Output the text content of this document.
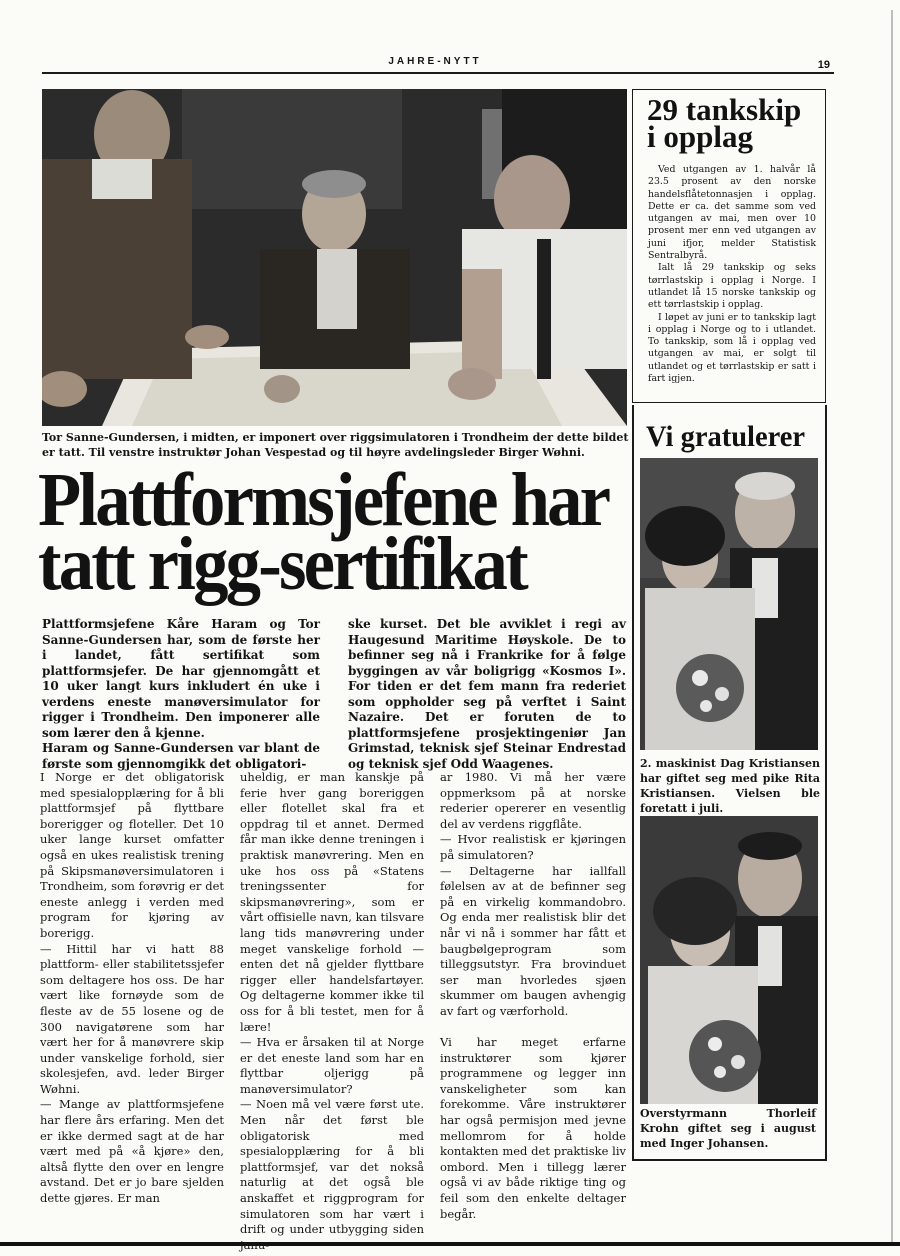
JAHRE-NYTT	19
Tor Sanne-Gundersen, i midten, er imponert over riggsimulatoren i Trondheim der dette bildet er tatt. Til venstre instruktør Johan Vespestad og til høyre avdelingsleder Birger Wøhni.
Plattformsjefene har
tatt rigg-sertifikat

Plattformsjefene Kåre Haram og Tor Sanne-Gundersen har, som de første her i landet, fått sertifikat som plattformsjefer. De har gjennomgått et 10 uker langt kurs inkludert én uke i verdens eneste manøversimulator for rigger i Trondheim. Den imponerer alle som lærer den å kjenne.
Haram og Sanne-Gundersen var blant de første som gjennomgikk det obligatori-

ske kurset. Det ble avviklet i regi av Haugesund Maritime Høyskole. De to befinner seg nå i Frankrike for å følge byggingen av vår boligrigg «Kosmos I». For tiden er det fem mann fra rederiet som oppholder seg på verftet i Saint Nazaire. Det er foruten de to plattformsjefene prosjektingeniør Jan Grimstad, teknisk sjef Steinar Endrestad og teknisk sjef Odd Waagenes.

I Norge er det obligatorisk med spesialopplæring for å bli plattformsjef på flyttbare borerigger og floteller. Det 10 uker lange kurset omfatter også en ukes realistisk trening på Skipsmanøversimulatoren i Trondheim, som forøvrig er det eneste anlegg i verden med program for kjøring av borerigg.
— Hittil har vi hatt 88 plattform- eller stabilitetssjefer som deltagere hos oss. De har vært like fornøyde som de fleste av de 55 losene og de 300 navigatørene som har vært her for å manøvrere skip under vanskelige forhold, sier skolesjefen, avd. leder Birger Wøhni.
— Mange av plattformsjefene har flere års erfaring. Men det er ikke dermed sagt at de har vært med på «å kjøre» den, altså flytte den over en lengre avstand. Det er jo bare sjelden dette gjøres. Er man

uheldig, er man kanskje på ferie hver gang boreriggen eller flotellet skal fra et oppdrag til et annet. Dermed får man ikke denne treningen i praktisk manøvrering. Men en uke hos oss på «Statens treningssenter for skipsmanøvrering», som er vårt offisielle navn, kan tilsvare lang tids manøvrering under meget vanskelige forhold — enten det nå gjelder flyttbare rigger eller handelsfartøyer. Og deltagerne kommer ikke til oss for å bli testet, men for å lære!
— Hva er årsaken til at Norge er det eneste land som har en flyttbar oljerigg på manøversimulator?
— Noen må vel være først ute. Men når det først ble obligatorisk med spesialopplæring for å bli plattformsjef, var det nokså naturlig at det også ble anskaffet et riggprogram for simulatoren som har vært i drift og under utbygging siden janu-

ar 1980. Vi må her være oppmerksom på at norske rederier opererer en vesentlig del av verdens riggflåte.
— Hvor realistisk er kjøringen på simulatoren?
— Deltagerne har iallfall følelsen av at de befinner seg på en virkelig kommandobro. Og enda mer realistisk blir det når vi nå i sommer har fått et baugbølgeprogram som tilleggsutstyr. Fra brovinduet ser man hvorledes sjøen skummer om baugen avhengig av fart og værforhold.

Vi har meget erfarne instruktører som kjører programmene og legger inn vanskeligheter som kan forekomme. Våre instruktører har også permisjon med jevne mellomrom for å holde kontakten med det praktiske liv ombord. Men i tillegg lærer også vi av både riktige ting og feil som den enkelte deltager begår.

29 tankskip
i opplag

Ved utgangen av 1. halvår lå 23.5 prosent av den norske handelsflåtetonnasjen i opplag. Dette er ca. det samme som ved utgangen av mai, men over 10 prosent mer enn ved utgangen av juni ifjor, melder Statistisk Sentralbyrå.

Ialt lå 29 tankskip og seks tørrlastskip i opplag i Norge. I utlandet lå 15 norske tankskip og ett tørrlastskip i opplag.

I løpet av juni er to tankskip lagt i opplag i Norge og to i utlandet. To tankskip, som lå i opplag ved utgangen av mai, er solgt til utlandet og et tørrlastskip er satt i fart igjen.

Vi gratulerer
2. maskinist Dag Kristiansen har giftet seg med pike Rita Kristiansen. Vielsen ble foretatt i juli.
Overstyrmann Thorleif Krohn giftet seg i august med Inger Johansen.
